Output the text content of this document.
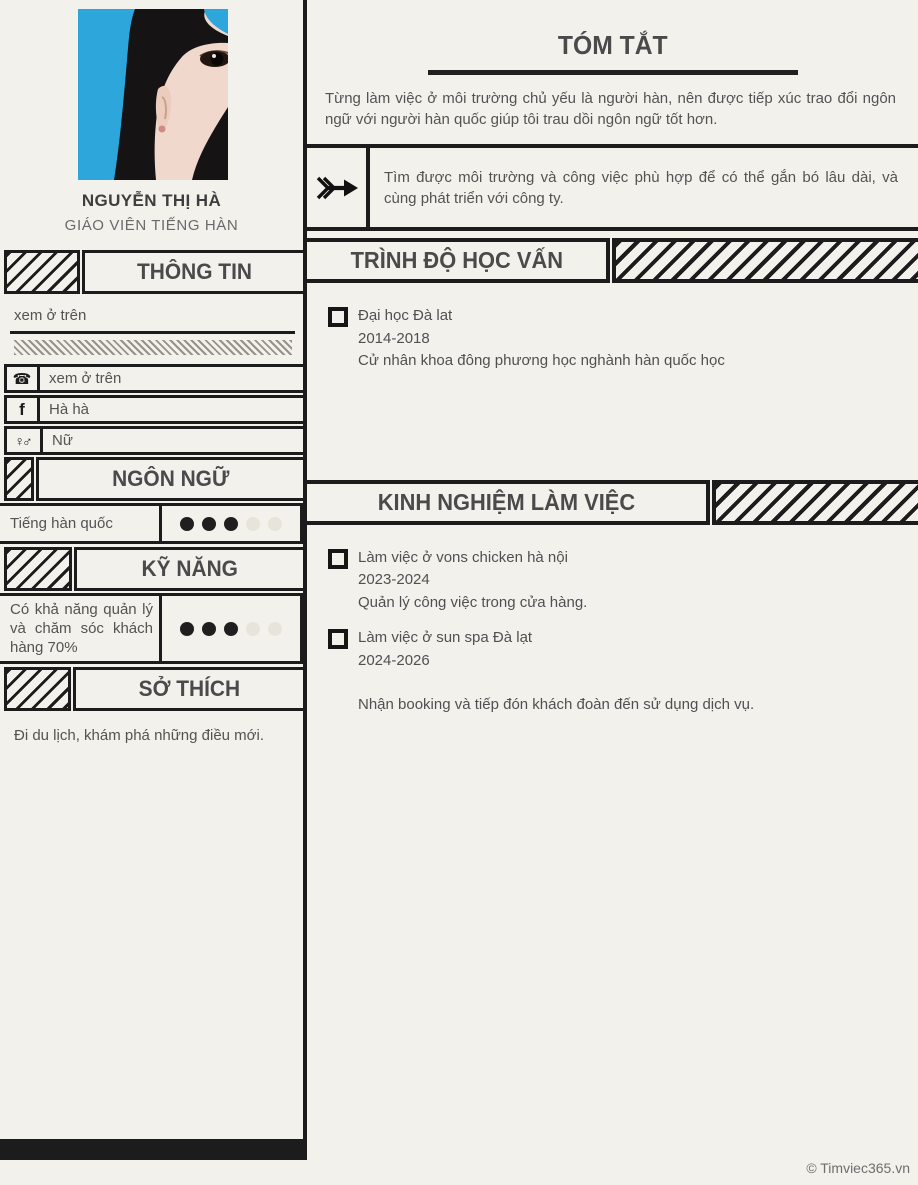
NGUYỄN THỊ HÀ
GIÁO VIÊN TIẾNG HÀN
THÔNG TIN
xem ở trên
☎	xem ở trên
f	Hà hà
♀♂	Nữ
NGÔN NGỮ
Tiếng hàn quốc
KỸ NĂNG
Có khả năng quản lý và chăm sóc khách hàng 70%
SỞ THÍCH
Đi du lịch, khám phá những điều mới.
TÓM TẮT
Từng làm việc ở môi trường chủ yếu là người hàn, nên được tiếp xúc trao đổi ngôn ngữ với người hàn quốc giúp tôi trau dồi ngôn ngữ tốt hơn.
Tìm được môi trường và công việc phù hợp để có thể gắn bó lâu dài, và cùng phát triển với công ty.
TRÌNH ĐỘ HỌC VẤN
Đại học Đà lat
2014-2018
Cử nhân khoa đông phương học nghành hàn quốc học
KINH NGHIỆM LÀM VIỆC
Làm việc ở vons chicken hà nội
2023-2024
Quản lý công việc trong cửa hàng.
Làm việc ở sun spa Đà lạt
2024-2026
Nhận booking và tiếp đón khách đoàn đến sử dụng dịch vụ.
© Timviec365.vn
